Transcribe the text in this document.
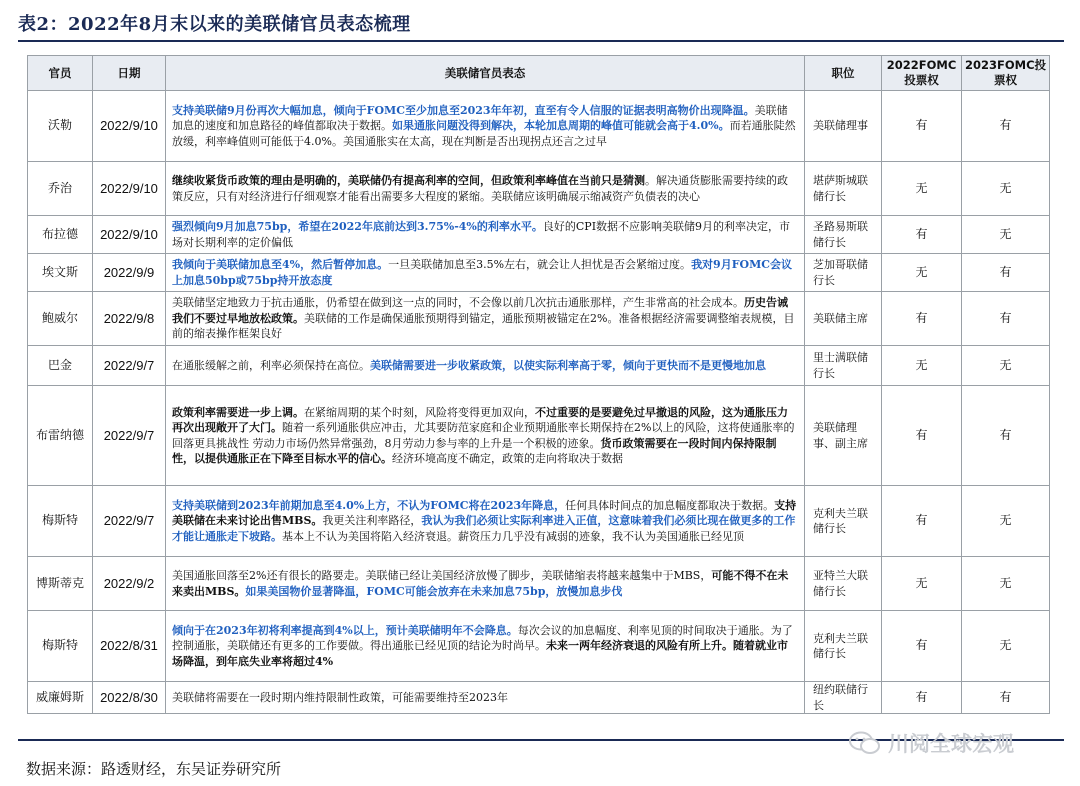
表2：2022年8月末以来的美联储官员表态梳理
官员	日期	美联储官员表态	职位	2022FOMC投票权	2023FOMC投票权
沃勒	2022/9/10	支持美联储9月份再次大幅加息，倾向于FOMC至少加息至2023年年初，直至有令人信服的证据表明高物价出现降温。美联储加息的速度和加息路径的峰值都取决于数据。如果通胀问题没得到解决，本轮加息周期的峰值可能就会高于4.0%。而若通胀陡然放缓，利率峰值则可能低于4.0%。美国通胀实在太高，现在判断是否出现拐点还言之过早	美联储理事	有	有
乔治	2022/9/10	继续收紧货币政策的理由是明确的，美联储仍有提高利率的空间，但政策利率峰值在当前只是猜测。解决通货膨胀需要持续的政策反应，只有对经济进行仔细观察才能看出需要多大程度的紧缩。美联储应该明确展示缩减资产负债表的决心	堪萨斯城联储行长	无	无
布拉德	2022/9/10	强烈倾向9月加息75bp，希望在2022年底前达到3.75%-4%的利率水平。良好的CPI数据不应影响美联储9月的利率决定，市场对长期利率的定价偏低	圣路易斯联储行长	有	无
埃文斯	2022/9/9	我倾向于美联储加息至4%，然后暂停加息。一旦美联储加息至3.5%左右，就会让人担忧是否会紧缩过度。我对9月FOMC会议上加息50bp或75bp持开放态度	芝加哥联储行长	无	有
鲍威尔	2022/9/8	美联储坚定地致力于抗击通胀，仍希望在做到这一点的同时，不会像以前几次抗击通胀那样，产生非常高的社会成本。历史告诫我们不要过早地放松政策。美联储的工作是确保通胀预期得到锚定，通胀预期被锚定在2%。准备根据经济需要调整缩表规模，目前的缩表操作框架良好	美联储主席	有	有
巴金	2022/9/7	在通胀缓解之前，利率必须保持在高位。美联储需要进一步收紧政策，以使实际利率高于零，倾向于更快而不是更慢地加息	里士满联储行长	无	无
布雷纳德	2022/9/7	政策利率需要进一步上调。在紧缩周期的某个时刻，风险将变得更加双向，不过重要的是要避免过早撤退的风险，这为通胀压力再次出现敞开了大门。随着一系列通胀供应冲击，尤其要防范家庭和企业预期通胀率长期保持在2%以上的风险，这将使通胀率的回落更具挑战性 劳动力市场仍然异常强劲，8月劳动力参与率的上升是一个积极的迹象。货币政策需要在一段时间内保持限制性，以提供通胀正在下降至目标水平的信心。经济环境高度不确定，政策的走向将取决于数据	美联储理事、副主席	有	有
梅斯特	2022/9/7	支持美联储到2023年前期加息至4.0%上方，不认为FOMC将在2023年降息，任何具体时间点的加息幅度都取决于数据。支持美联储在未来讨论出售MBS。我更关注利率路径，我认为我们必须让实际利率进入正值，这意味着我们必须比现在做更多的工作才能让通胀走下坡路。基本上不认为美国将陷入经济衰退。薪资压力几乎没有减弱的迹象，我不认为美国通胀已经见顶	克利夫兰联储行长	有	无
博斯蒂克	2022/9/2	美国通胀回落至2%还有很长的路要走。美联储已经让美国经济放慢了脚步，美联储缩表将越来越集中于MBS，可能不得不在未来卖出MBS。如果美国物价显著降温，FOMC可能会放弃在未来加息75bp，放慢加息步伐	亚特兰大联储行长	无	无
梅斯特	2022/8/31	倾向于在2023年初将利率提高到4%以上，预计美联储明年不会降息。每次会议的加息幅度、利率见顶的时间取决于通胀。为了控制通胀，美联储还有更多的工作要做。得出通胀已经见顶的结论为时尚早。未来一两年经济衰退的风险有所上升。随着就业市场降温，到年底失业率将超过4%	克利夫兰联储行长	有	无
威廉姆斯	2022/8/30	美联储将需要在一段时期内维持限制性政策，可能需要维持至2023年	纽约联储行长	有	有
数据来源：路透财经，东吴证券研究所
川阅全球宏观
